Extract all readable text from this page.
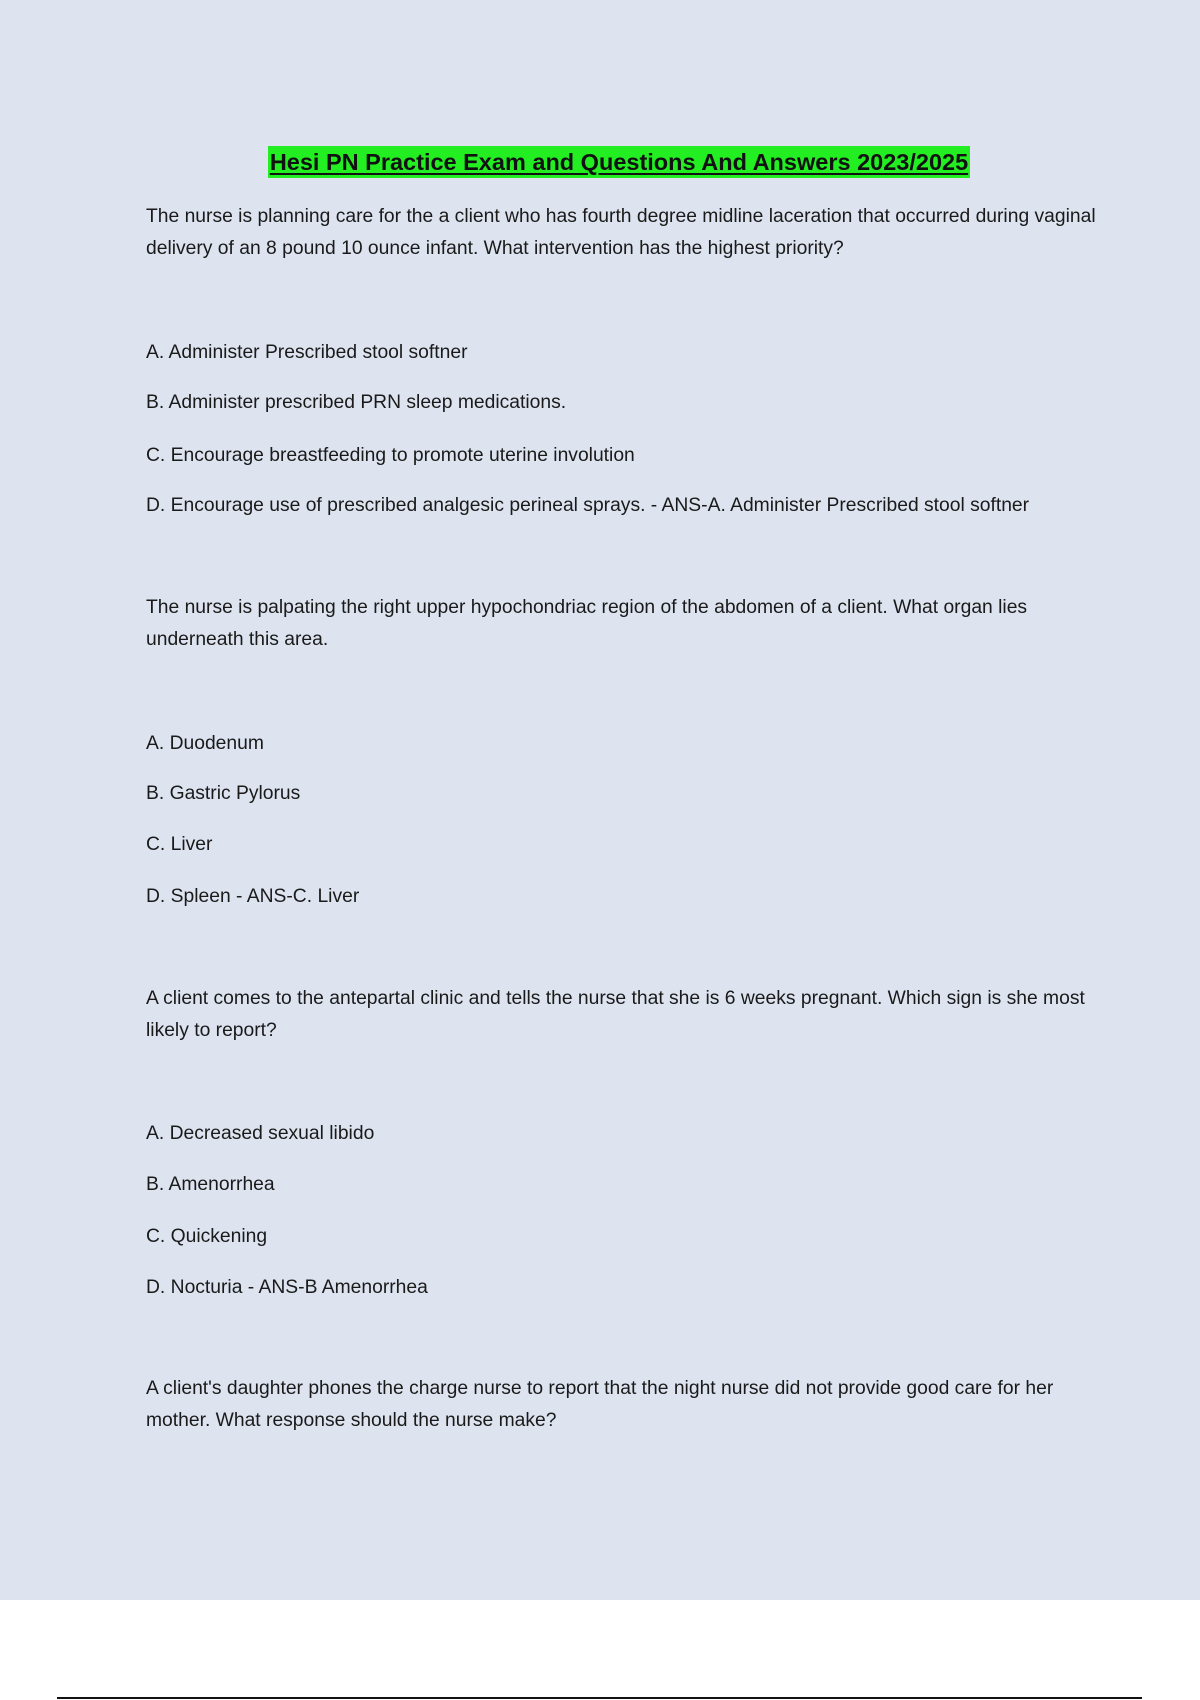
Hesi PN Practice Exam and Questions And Answers 2023/2025

The nurse is planning care for the a client who has fourth degree midline laceration that occurred during vaginal delivery of an 8 pound 10 ounce infant. What intervention has the highest priority?

A. Administer Prescribed stool softner

B. Administer prescribed PRN sleep medications.

C. Encourage breastfeeding to promote uterine involution

D. Encourage use of prescribed analgesic perineal sprays. - ANS-A. Administer Prescribed stool softner

The nurse is palpating the right upper hypochondriac region of the abdomen of a client. What organ lies underneath this area.

A. Duodenum

B. Gastric Pylorus

C. Liver

D. Spleen - ANS-C. Liver

A client comes to the antepartal clinic and tells the nurse that she is 6 weeks pregnant. Which sign is she most likely to report?

A. Decreased sexual libido

B. Amenorrhea

C. Quickening

D. Nocturia - ANS-B Amenorrhea

A client's daughter phones the charge nurse to report that the night nurse did not provide good care for her mother. What response should the nurse make?
